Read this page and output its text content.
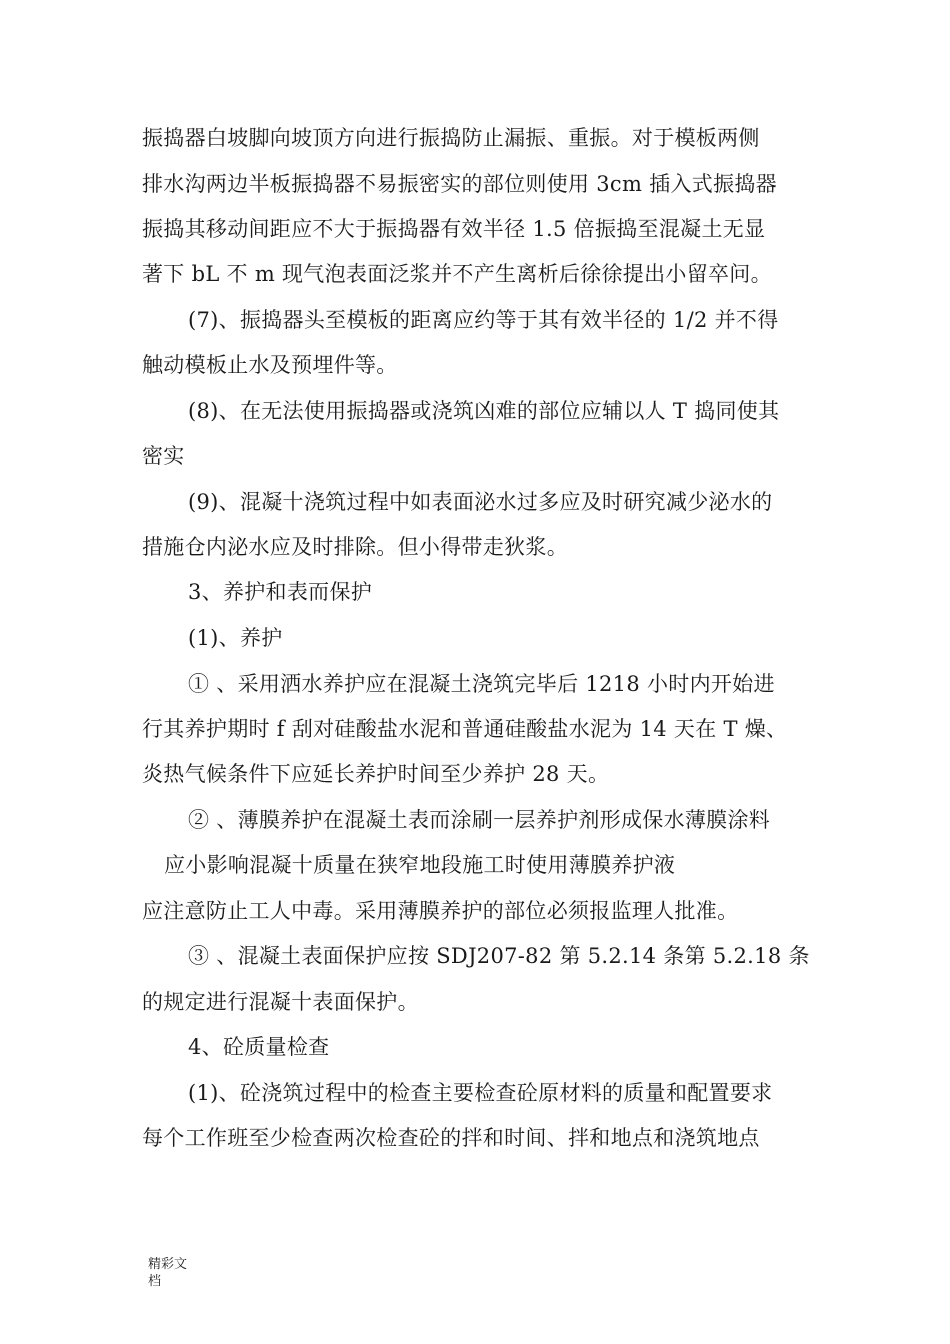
振捣器白坡脚向坡顶方向进行振捣防止漏振、重振。对于模板两侧
排水沟两边半板振捣器不易振密实的部位则使用 3cm 插入式振捣器
振捣其移动间距应不大于振捣器有效半径 1.5 倍振捣至混凝土无显
著下 bL 不 m 现气泡表面泛浆并不产生离析后徐徐提出小留卒问。
(7)、振捣器头至模板的距离应约等于其有效半径的 1/2 并不得
触动模板止水及预埋件等。
(8)、在无法使用振捣器或浇筑凶难的部位应辅以人 T 捣同使其
密实
(9)、混凝十浇筑过程中如表面泌水过多应及时研究减少泌水的
措施仓内泌水应及时排除。但小得带走狄浆。
3、养护和表而保护
(1)、养护
① 、采用洒水养护应在混凝土浇筑完毕后 1218 小时内开始进
行其养护期时 f 刮对硅酸盐水泥和普通硅酸盐水泥为 14 天在 T 燥、
炎热气候条件下应延长养护时间至少养护 28 天。
② 、薄膜养护在混凝土表而涂刷一层养护剂形成保水薄膜涂料
应小影响混凝十质量在狭窄地段施工时使用薄膜养护液
应注意防止工人中毒。采用薄膜养护的部位必须报监理人批准。
③ 、混凝土表面保护应按 SDJ207-82 第 5.2.14 条第 5.2.18 条
的规定进行混凝十表面保护。
4、砼质量检查
(1)、砼浇筑过程中的检查主要检查砼原材料的质量和配置要求
每个工作班至少检查两次检查砼的拌和时间、拌和地点和浇筑地点
精彩文
档
